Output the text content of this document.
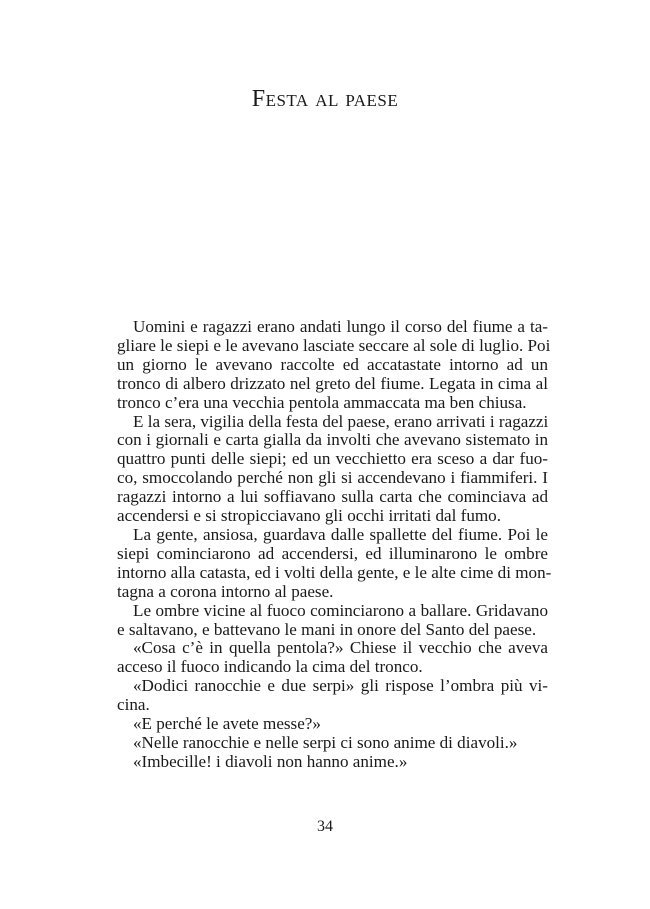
Festa al paese
Uomini e ragazzi erano andati lungo il corso del fiume a ta-
gliare le siepi e le avevano lasciate seccare al sole di luglio. Poi
un giorno le avevano raccolte ed accatastate intorno ad un
tronco di albero drizzato nel greto del fiume. Legata in cima al
tronco c’era una vecchia pentola ammaccata ma ben chiusa.
E la sera, vigilia della festa del paese, erano arrivati i ragazzi
con i giornali e carta gialla da involti che avevano sistemato in
quattro punti delle siepi; ed un vecchietto era sceso a dar fuo-
co, smoccolando perché non gli si accendevano i fiammiferi. I
ragazzi intorno a lui soffiavano sulla carta che cominciava ad
accendersi e si stropicciavano gli occhi irritati dal fumo.
La gente, ansiosa, guardava dalle spallette del fiume. Poi le
siepi cominciarono ad accendersi, ed illuminarono le ombre
intorno alla catasta, ed i volti della gente, e le alte cime di mon-
tagna a corona intorno al paese.
Le ombre vicine al fuoco cominciarono a ballare. Gridavano
e saltavano, e battevano le mani in onore del Santo del paese.
«Cosa c’è in quella pentola?» Chiese il vecchio che aveva
acceso il fuoco indicando la cima del tronco.
«Dodici ranocchie e due serpi» gli rispose l’ombra più vi-
cina.
«E perché le avete messe?»
«Nelle ranocchie e nelle serpi ci sono anime di diavoli.»
«Imbecille! i diavoli non hanno anime.»
34
